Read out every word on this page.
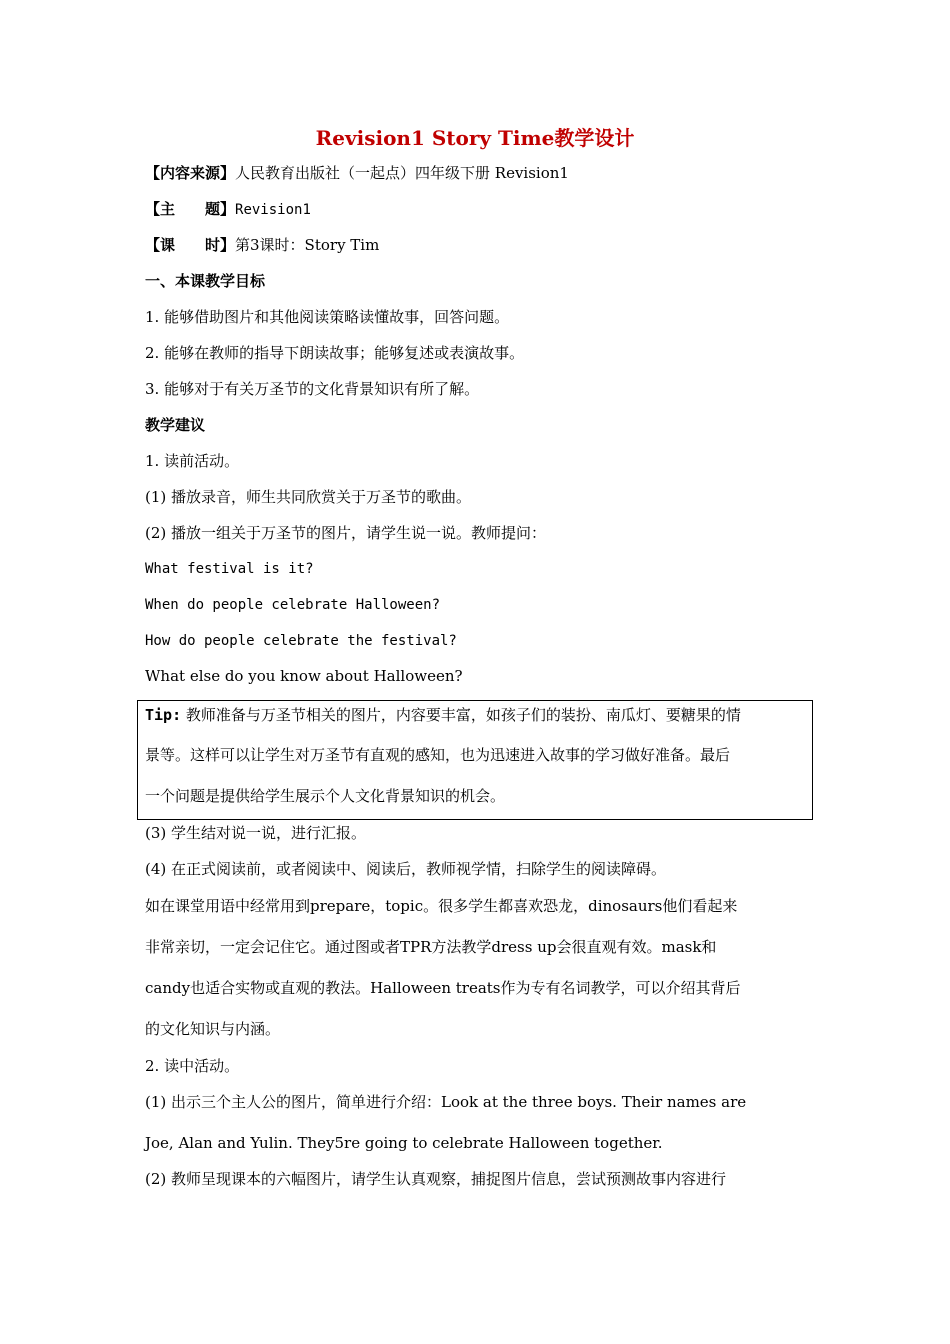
Revision1 Story Time教学设计
【内容来源】人民教育出版社（一起点）四年级下册 Revision1
【主　　题】Revision1
【课　　时】第3课时：Story Tim
一、本课教学目标
1. 能够借助图片和其他阅读策略读懂故事，回答问题。
2. 能够在教师的指导下朗读故事；能够复述或表演故事。
3. 能够对于有关万圣节的文化背景知识有所了解。
教学建议
1. 读前活动。
(1) 播放录音，师生共同欣赏关于万圣节的歌曲。
(2) 播放一组关于万圣节的图片，请学生说一说。教师提问：
What festival is it?
When do people celebrate Halloween?
How do people celebrate the festival?
What else do you know about Halloween?
Tip: 教师准备与万圣节相关的图片，内容要丰富，如孩子们的装扮、南瓜灯、要糖果的情
景等。这样可以让学生对万圣节有直观的感知，也为迅速进入故事的学习做好准备。最后
一个问题是提供给学生展示个人文化背景知识的机会。
(3) 学生结对说一说，进行汇报。
(4) 在正式阅读前，或者阅读中、阅读后，教师视学情，扫除学生的阅读障碍。
如在课堂用语中经常用到prepare，topic。很多学生都喜欢恐龙，dinosaurs他们看起来
非常亲切，一定会记住它。通过图或者TPR方法教学dress up会很直观有效。mask和
candy也适合实物或直观的教法。Halloween treats作为专有名词教学，可以介绍其背后
的文化知识与内涵。
2. 读中活动。
(1) 出示三个主人公的图片，简单进行介绍：Look at the three boys. Their names are
Joe, Alan and Yulin. They5re going to celebrate Halloween together.
(2) 教师呈现课本的六幅图片，请学生认真观察，捕捉图片信息，尝试预测故事内容进行
